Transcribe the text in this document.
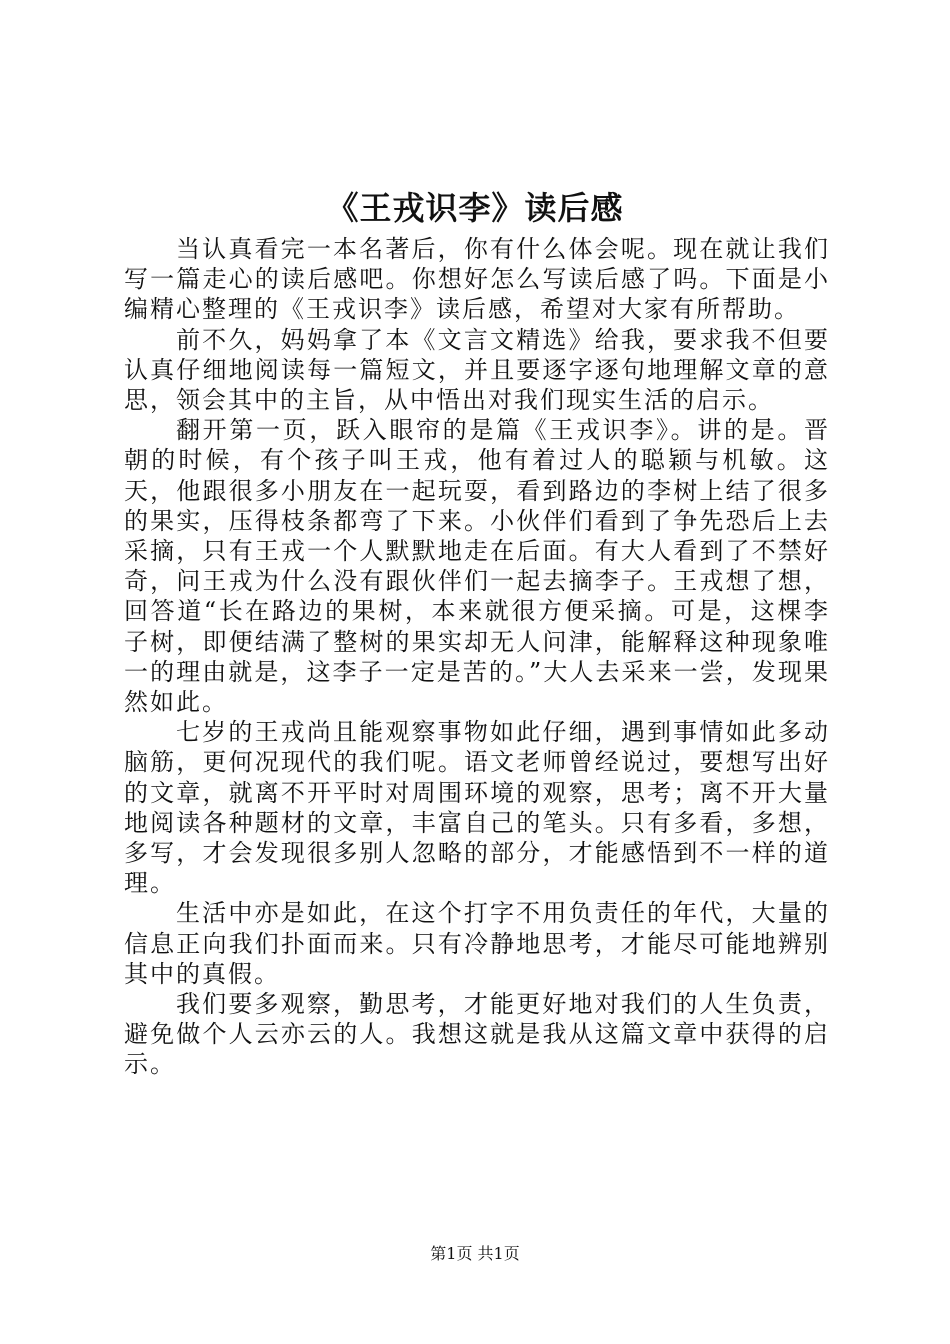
《王戎识李》读后感

当认真看完一本名著后，你有什么体会呢。现在就让我们写一篇走心的读后感吧。你想好怎么写读后感了吗。下面是小编精心整理的《王戎识李》读后感，希望对大家有所帮助。

前不久，妈妈拿了本《文言文精选》给我，要求我不但要认真仔细地阅读每一篇短文，并且要逐字逐句地理解文章的意思，领会其中的主旨，从中悟出对我们现实生活的启示。

翻开第一页，跃入眼帘的是篇《王戎识李》。讲的是。晋朝的时候，有个孩子叫王戎，他有着过人的聪颖与机敏。这天，他跟很多小朋友在一起玩耍，看到路边的李树上结了很多的果实，压得枝条都弯了下来。小伙伴们看到了争先恐后上去采摘，只有王戎一个人默默地走在后面。有大人看到了不禁好奇，问王戎为什么没有跟伙伴们一起去摘李子。王戎想了想，回答道“长在路边的果树，本来就很方便采摘。可是，这棵李子树，即便结满了整树的果实却无人问津，能解释这种现象唯一的理由就是，这李子一定是苦的。”大人去采来一尝，发现果然如此。

七岁的王戎尚且能观察事物如此仔细，遇到事情如此多动脑筋，更何况现代的我们呢。语文老师曾经说过，要想写出好的文章，就离不开平时对周围环境的观察，思考；离不开大量地阅读各种题材的文章，丰富自己的笔头。只有多看，多想，多写，才会发现很多别人忽略的部分，才能感悟到不一样的道理。

生活中亦是如此，在这个打字不用负责任的年代，大量的信息正向我们扑面而来。只有冷静地思考，才能尽可能地辨别其中的真假。

我们要多观察，勤思考，才能更好地对我们的人生负责，避免做个人云亦云的人。我想这就是我从这篇文章中获得的启示。

第1页 共1页
